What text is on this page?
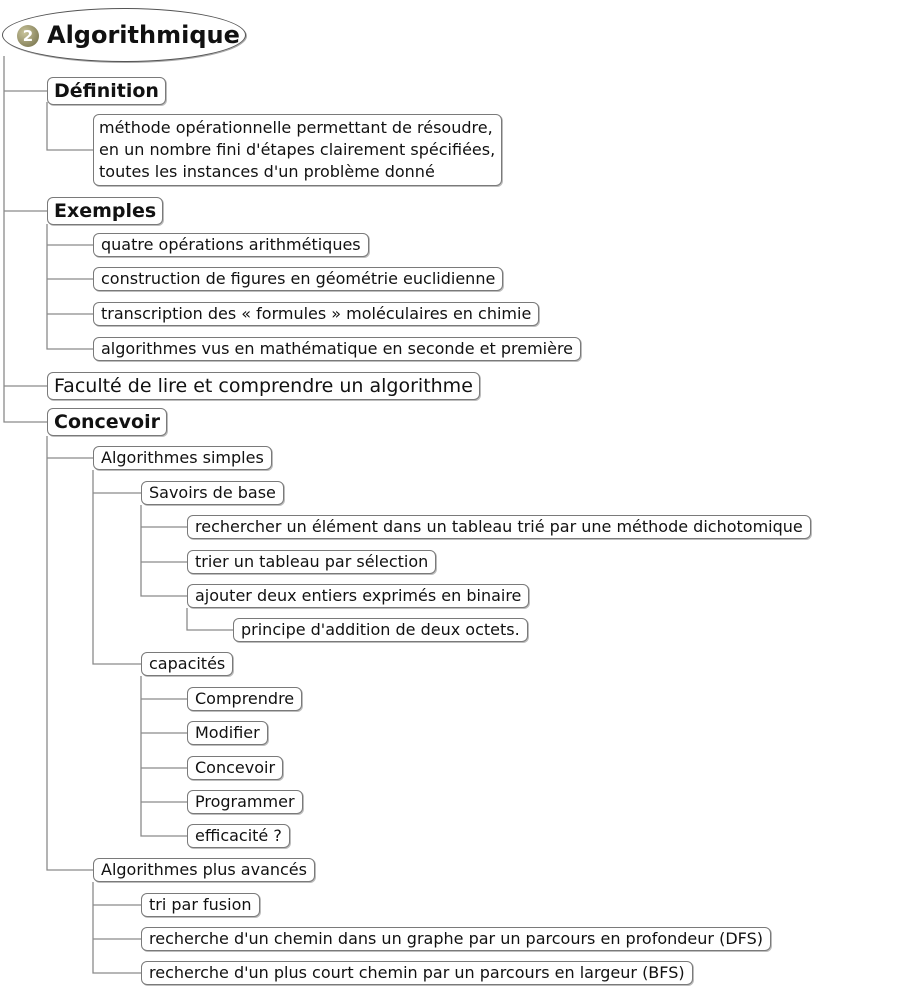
2 Algorithmique
Définition
méthode opérationnelle permettant de résoudre,
en un nombre fini d'étapes clairement spécifiées,
toutes les instances d'un problème donné
Exemples
quatre opérations arithmétiques
construction de figures en géométrie euclidienne
transcription des « formules » moléculaires en chimie
algorithmes vus en mathématique en seconde et première
Faculté de lire et comprendre un algorithme
Concevoir
Algorithmes simples
Savoirs de base
rechercher un élément dans un tableau trié par une méthode dichotomique
trier un tableau par sélection
ajouter deux entiers exprimés en binaire
principe d'addition de deux octets.
capacités
Comprendre
Modifier
Concevoir
Programmer
efficacité ?
Algorithmes plus avancés
tri par fusion
recherche d'un chemin dans un graphe par un parcours en profondeur (DFS)
recherche d'un plus court chemin par un parcours en largeur (BFS)
